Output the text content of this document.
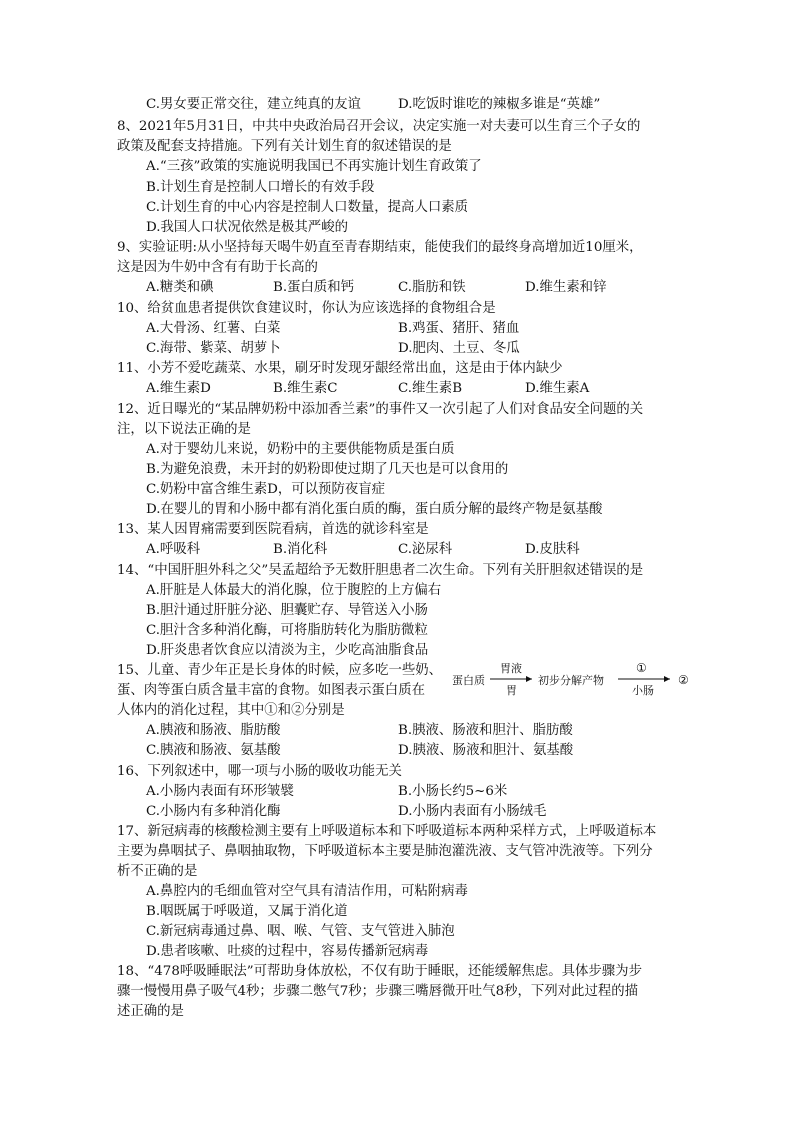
C.男女要正常交往，建立纯真的友谊	D.吃饭时谁吃的辣椒多谁是“英雄”
8、2021年5月31日，中共中央政治局召开会议，决定实施一对夫妻可以生育三个子女的
政策及配套支持措施。下列有关计划生育的叙述错误的是
A.“三孩”政策的实施说明我国已不再实施计划生育政策了
B.计划生育是控制人口增长的有效手段
C.计划生育的中心内容是控制人口数量，提高人口素质
D.我国人口状况依然是极其严峻的
9、实验证明:从小坚持每天喝牛奶直至青春期结束，能使我们的最终身高增加近10厘米，
这是因为牛奶中含有有助于长高的
A.糖类和碘	B.蛋白质和钙	C.脂肪和铁	D.维生素和锌
10、给贫血患者提供饮食建议时，你认为应该选择的食物组合是
A.大骨汤、红薯、白菜	B.鸡蛋、猪肝、猪血
C.海带、紫菜、胡萝卜	D.肥肉、土豆、冬瓜
11、小芳不爱吃蔬菜、水果，刷牙时发现牙龈经常出血，这是由于体内缺少
A.维生素D	B.维生素C	C.维生素B	D.维生素A
12、近日曝光的“某品牌奶粉中添加香兰素”的事件又一次引起了人们对食品安全问题的关
注，以下说法正确的是
A.对于婴幼儿来说，奶粉中的主要供能物质是蛋白质
B.为避免浪费，未开封的奶粉即使过期了几天也是可以食用的
C.奶粉中富含维生素D，可以预防夜盲症
D.在婴儿的胃和小肠中都有消化蛋白质的酶，蛋白质分解的最终产物是氨基酸
13、某人因胃痛需要到医院看病，首选的就诊科室是
A.呼吸科	B.消化科	C.泌尿科	D.皮肤科
14、“中国肝胆外科之父”吴孟超给予无数肝胆患者二次生命。下列有关肝胆叙述错误的是
A.肝脏是人体最大的消化腺，位于腹腔的上方偏右
B.胆汁通过肝脏分泌、胆囊贮存、导管送入小肠
C.胆汁含多种消化酶，可将脂肪转化为脂肪微粒
D.肝炎患者饮食应以清淡为主，少吃高油脂食品
15、儿童、青少年正是长身体的时候，应多吃一些奶、
蛋、肉等蛋白质含量丰富的食物。如图表示蛋白质在
人体内的消化过程，其中①和②分别是
蛋白质
胃液
胃
初步分解产物
①
小肠
②
A.胰液和肠液、脂肪酸	B.胰液、肠液和胆汁、脂肪酸
C.胰液和肠液、氨基酸	D.胰液、肠液和胆汁、氨基酸
16、下列叙述中，哪一项与小肠的吸收功能无关
A.小肠内表面有环形皱襞	B.小肠长约5~6米
C.小肠内有多种消化酶	D.小肠内表面有小肠绒毛
17、新冠病毒的核酸检测主要有上呼吸道标本和下呼吸道标本两种采样方式，上呼吸道标本
主要为鼻咽拭子、鼻咽抽取物，下呼吸道标本主要是肺泡灌洗液、支气管冲洗液等。下列分
析不正确的是
A.鼻腔内的毛细血管对空气具有清洁作用，可粘附病毒
B.咽既属于呼吸道，又属于消化道
C.新冠病毒通过鼻、咽、喉、气管、支气管进入肺泡
D.患者咳嗽、吐痰的过程中，容易传播新冠病毒
18、“478呼吸睡眠法”可帮助身体放松，不仅有助于睡眠，还能缓解焦虑。具体步骤为步
骤一慢慢用鼻子吸气4秒；步骤二憋气7秒；步骤三嘴唇微开吐气8秒，下列对此过程的描
述正确的是
